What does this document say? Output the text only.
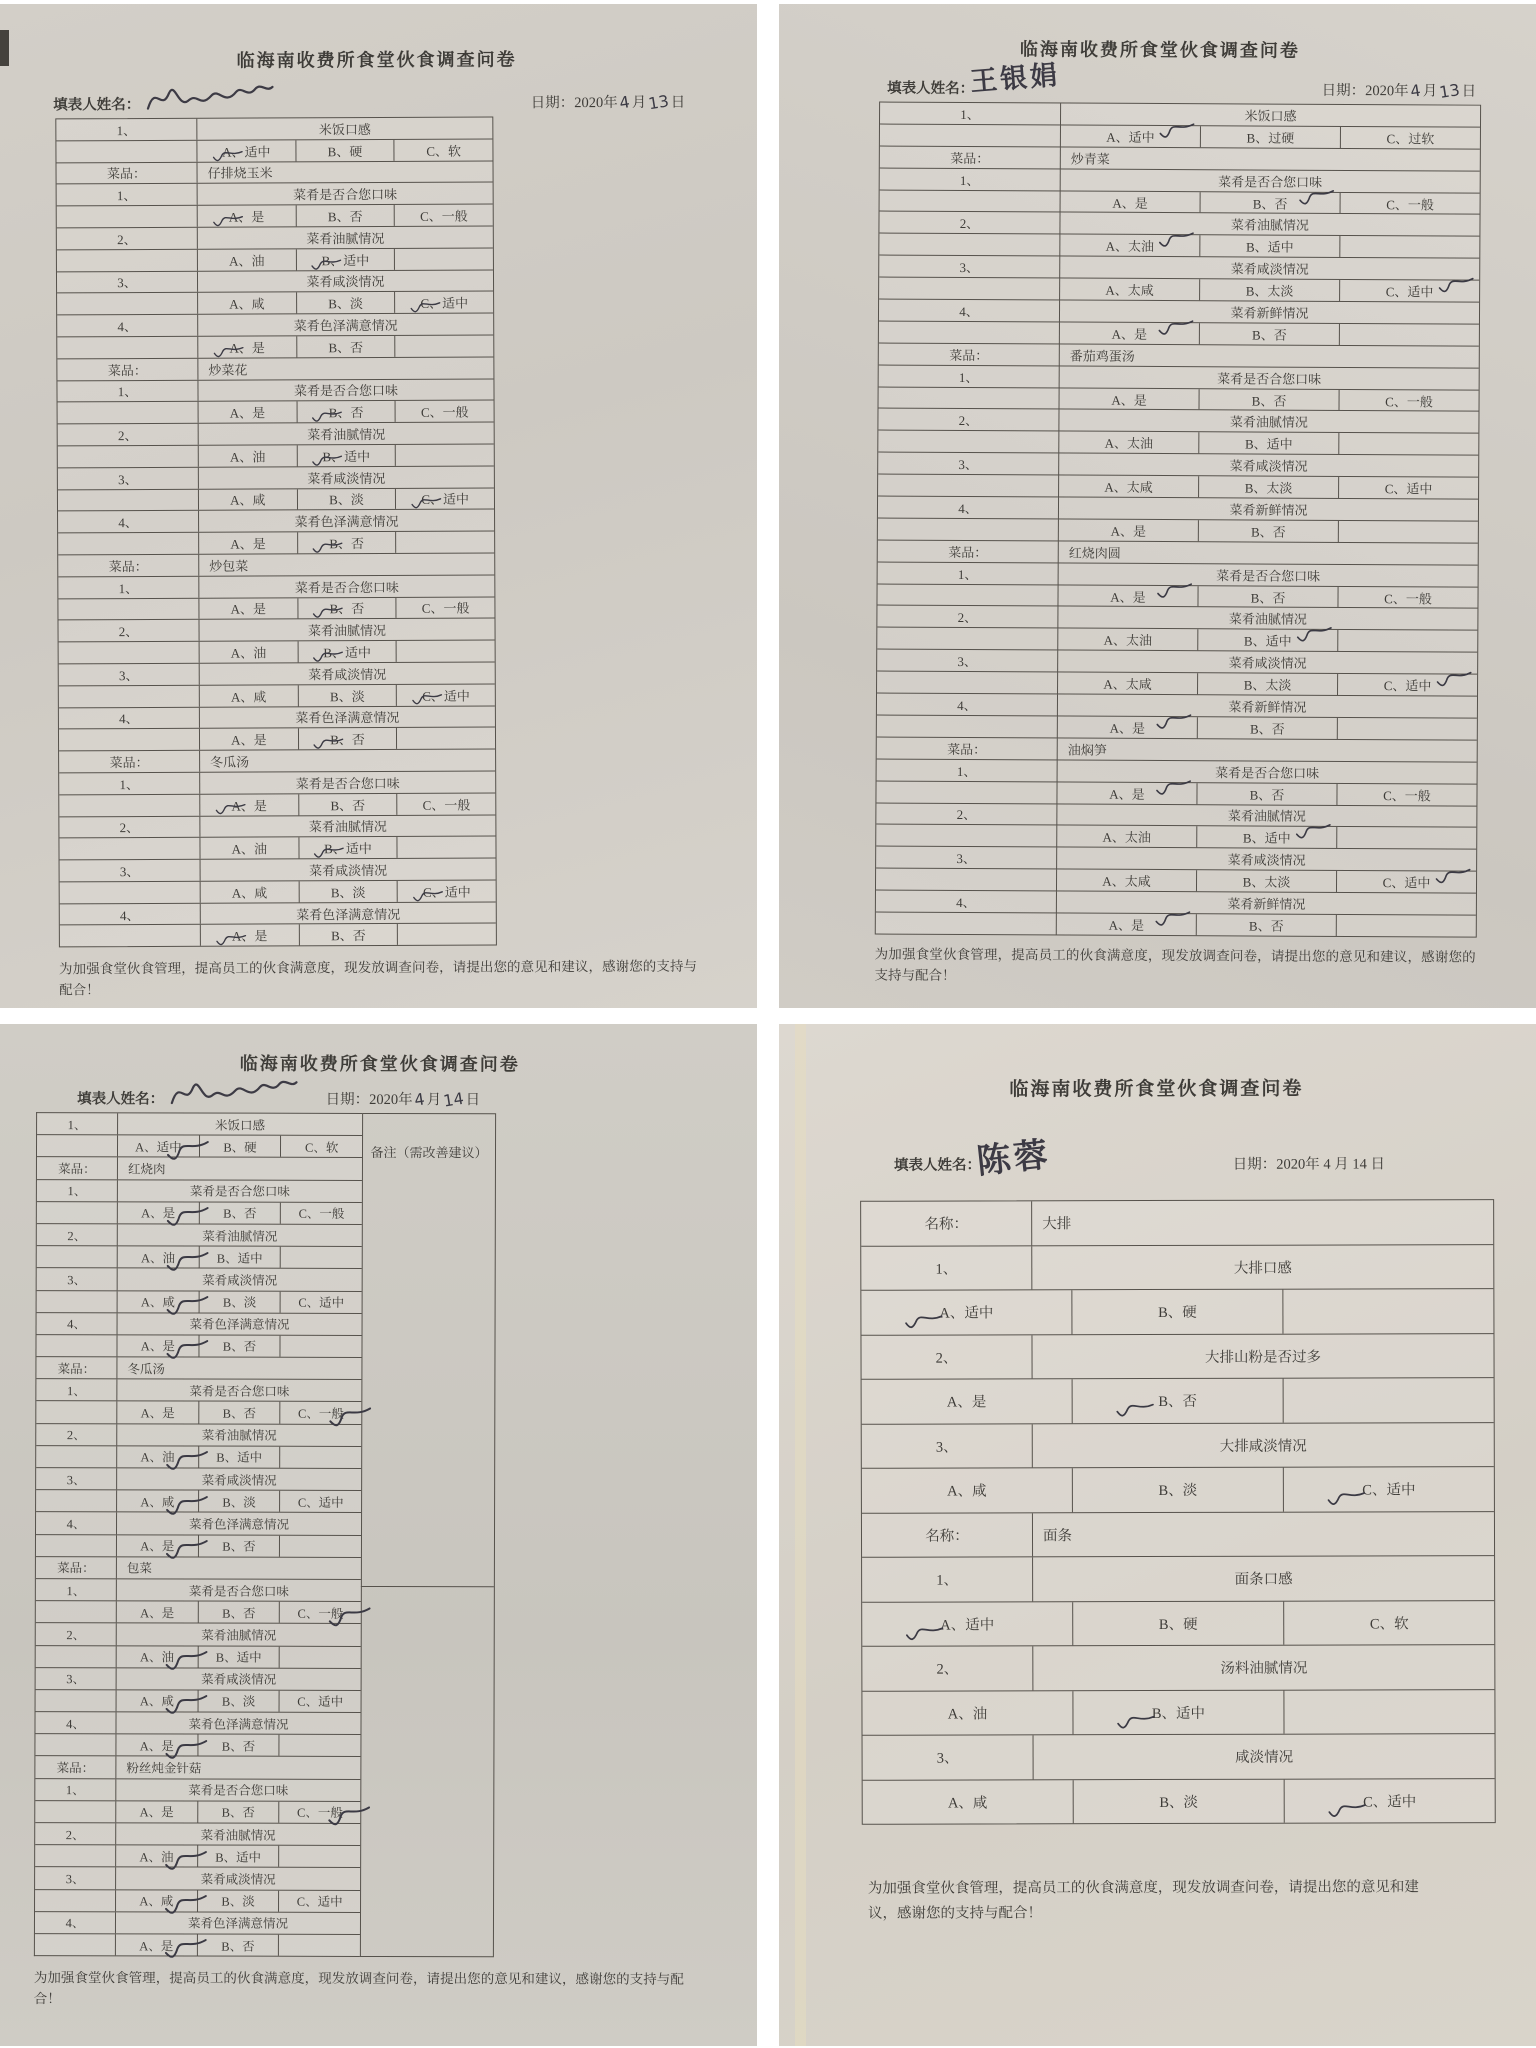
临海南收费所食堂伙食调查问卷
填表人姓名：	日期：2020年4月13日
1、	米饭口感
A、适中	B、硬	C、软
菜品：	仔排烧玉米
1、	菜肴是否合您口味
A、是	B、否	C、一般
2、	菜肴油腻情况
A、油	B、适中
3、	菜肴咸淡情况
A、咸	B、淡	C、适中
4、	菜肴色泽满意情况
A、是	B、否
菜品：	炒菜花
1、	菜肴是否合您口味
A、是	B、否	C、一般
2、	菜肴油腻情况
A、油	B、适中
3、	菜肴咸淡情况
A、咸	B、淡	C、适中
4、	菜肴色泽满意情况
A、是	B、否
菜品：	炒包菜
1、	菜肴是否合您口味
A、是	B、否	C、一般
2、	菜肴油腻情况
A、油	B、适中
3、	菜肴咸淡情况
A、咸	B、淡	C、适中
4、	菜肴色泽满意情况
A、是	B、否
菜品：	冬瓜汤
1、	菜肴是否合您口味
A、是	B、否	C、一般
2、	菜肴油腻情况
A、油	B、适中
3、	菜肴咸淡情况
A、咸	B、淡	C、适中
4、	菜肴色泽满意情况
A、是	B、否

为加强食堂伙食管理，提高员工的伙食满意度，现发放调查问卷，请提出您的意见和建议，感谢您的支持与配合！

临海南收费所食堂伙食调查问卷
填表人姓名：
王银娟	日期：2020年4月13日
1、	米饭口感
A、适中	B、过硬	C、过软
菜品：	炒青菜
1、	菜肴是否合您口味
A、是	B、否	C、一般
2、	菜肴油腻情况
A、太油	B、适中
3、	菜肴咸淡情况
A、太咸	B、太淡	C、适中
4、	菜肴新鲜情况
A、是	B、否
菜品：	番茄鸡蛋汤
1、	菜肴是否合您口味
A、是	B、否	C、一般
2、	菜肴油腻情况
A、太油	B、适中
3、	菜肴咸淡情况
A、太咸	B、太淡	C、适中
4、	菜肴新鲜情况
A、是	B、否
菜品：	红烧肉圆
1、	菜肴是否合您口味
A、是	B、否	C、一般
2、	菜肴油腻情况
A、太油	B、适中
3、	菜肴咸淡情况
A、太咸	B、太淡	C、适中
4、	菜肴新鲜情况
A、是	B、否
菜品：	油焖笋
1、	菜肴是否合您口味
A、是	B、否	C、一般
2、	菜肴油腻情况
A、太油	B、适中
3、	菜肴咸淡情况
A、太咸	B、太淡	C、适中
4、	菜肴新鲜情况
A、是	B、否

为加强食堂伙食管理，提高员工的伙食满意度，现发放调查问卷，请提出您的意见和建议，感谢您的支持与配合！

临海南收费所食堂伙食调查问卷
填表人姓名：	日期：2020年4月14日
1、	米饭口感
A、适中	B、硬	C、软
菜品：	红烧肉
1、	菜肴是否合您口味
A、是	B、否	C、一般
2、	菜肴油腻情况
A、油	B、适中
3、	菜肴咸淡情况
A、咸	B、淡	C、适中
4、	菜肴色泽满意情况
A、是	B、否
菜品：	冬瓜汤
1、	菜肴是否合您口味
A、是	B、否	C、一般
2、	菜肴油腻情况
A、油	B、适中
3、	菜肴咸淡情况
A、咸	B、淡	C、适中
4、	菜肴色泽满意情况
A、是	B、否
菜品：	包菜
1、	菜肴是否合您口味
A、是	B、否	C、一般
2、	菜肴油腻情况
A、油	B、适中
3、	菜肴咸淡情况
A、咸	B、淡	C、适中
4、	菜肴色泽满意情况
A、是	B、否
菜品：	粉丝炖金针菇
1、	菜肴是否合您口味
A、是	B、否	C、一般
2、	菜肴油腻情况
A、油	B、适中
3、	菜肴咸淡情况
A、咸	B、淡	C、适中
4、	菜肴色泽满意情况
A、是	B、否
备注（需改善建议）

为加强食堂伙食管理，提高员工的伙食满意度，现发放调查问卷，请提出您的意见和建议，感谢您的支持与配合！

临海南收费所食堂伙食调查问卷
填表人姓名：
陈蓉	日期：2020年 4 月 14 日
名称：	大排
1、	大排口感
A、适中	B、硬
2、	大排山粉是否过多
A、是	B、否
3、	大排咸淡情况
A、咸	B、淡	C、适中
名称：	面条
1、	面条口感
A、适中	B、硬	C、软
2、	汤料油腻情况
A、油	B、适中
3、	咸淡情况
A、咸	B、淡	C、适中

为加强食堂伙食管理，提高员工的伙食满意度，现发放调查问卷，请提出您的意见和建议，感谢您的支持与配合！
